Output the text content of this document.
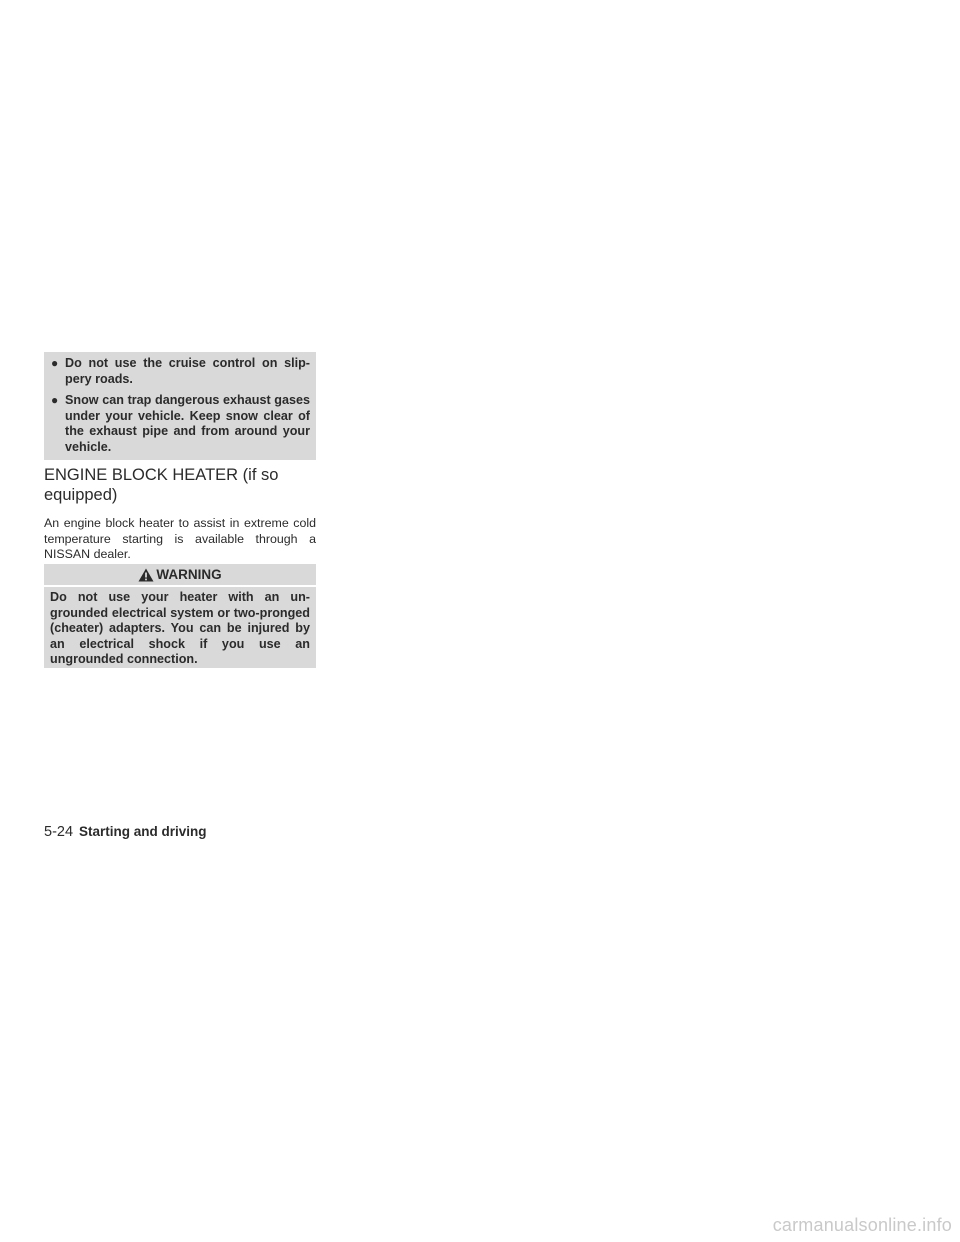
● Do not use the cruise control on slip-pery roads.
● Snow can trap dangerous exhaust gases under your vehicle. Keep snow clear of the exhaust pipe and from around your vehicle.
ENGINE BLOCK HEATER (if so equipped)
An engine block heater to assist in extreme cold temperature starting is available through a NISSAN dealer.
WARNING
Do not use your heater with an un-grounded electrical system or two-pronged (cheater) adapters. You can be injured by an electrical shock if you use an ungrounded connection.
5-24 Starting and driving
carmanualsonline.info
